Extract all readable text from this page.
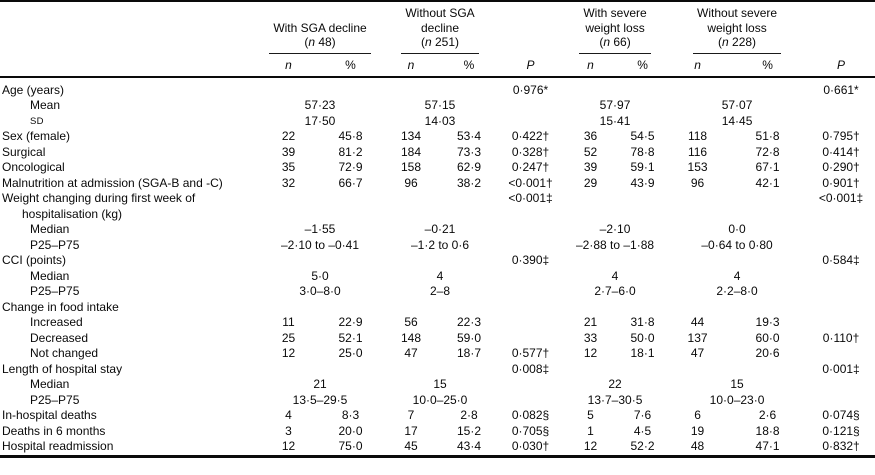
	With SGA decline
(n 48)		Without SGA
decline
(n 251)			With severe
weight loss
(n 66)		Without severe
weight loss
(n 228)		

	n	%	n	%	P	n	%	n	%	P

Age (years)					0·976*					0·661*

Mean	57·23		57·15			57·97		57·07		

SD	17·50		14·03			15·41		14·45		

Sex (female)	22	45·8	134	53·4	0·422†	36	54·5	118	51·8	0·795†

Surgical	39	81·2	184	73·3	0·328†	52	78·8	116	72·8	0·414†

Oncological	35	72·9	158	62·9	0·247†	39	59·1	153	67·1	0·290†

Malnutrition at admission (SGA-B and -C)	32	66·7	96	38·2	<0·001†	29	43·9	96	42·1	0·901†

Weight changing during first week of
hospitalisation (kg)					<0·001‡					<0·001‡

Median	–1·55		–0·21			–2·10		0·0		

P25–P75	–2·10 to –0·41		–1·2 to 0·6			–2·88 to –1·88		–0·64 to 0·80		

CCI (points)					0·390‡					0·584‡

Median	5·0		4			4		4		

P25–P75	3·0–8·0		2–8			2·7–6·0		2·2–8·0		

Change in food intake										

Increased	11	22·9	56	22·3		21	31·8	44	19·3	

Decreased	25	52·1	148	59·0		33	50·0	137	60·0	0·110†

Not changed	12	25·0	47	18·7	0·577†	12	18·1	47	20·6	

Length of hospital stay					0·008‡					0·001‡

Median	21		15			22		15		

P25–P75	13·5–29·5		10·0–25·0			13·7–30·5		10·0–23·0		

In-hospital deaths	4	8·3	7	2·8	0·082§	5	7·6	6	2·6	0·074§

Deaths in 6 months	3	20·0	17	15·2	0·705§	1	4·5	19	18·8	0·121§

Hospital readmission	12	75·0	45	43·4	0·030†	12	52·2	48	47·1	0·832†
